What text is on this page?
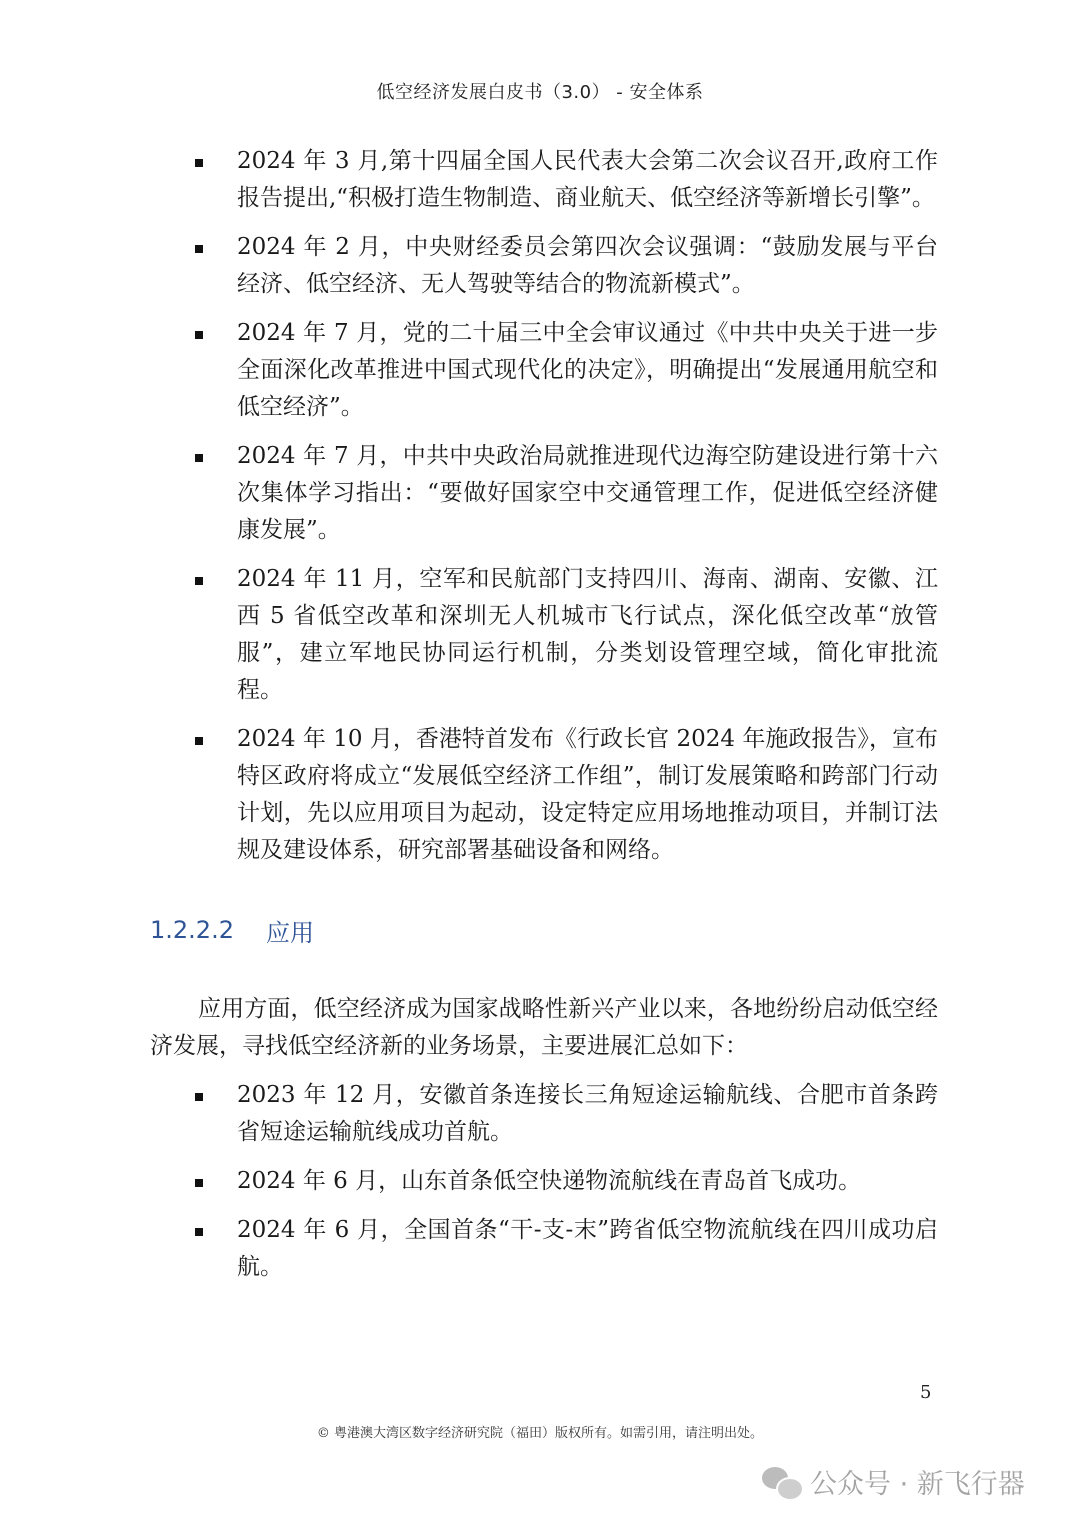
低空经济发展白皮书（3.0） - 安全体系
2024 年 3 月,第十四届全国人民代表大会第二次会议召开,政府工作报告提出,“积极打造生物制造、商业航天、低空经济等新增长引擎”。
2024 年 2 月，中央财经委员会第四次会议强调：“鼓励发展与平台经济、低空经济、无人驾驶等结合的物流新模式”。
2024 年 7 月，党的二十届三中全会审议通过《中共中央关于进一步全面深化改革推进中国式现代化的决定》，明确提出“发展通用航空和低空经济”。
2024 年 7 月，中共中央政治局就推进现代边海空防建设进行第十六次集体学习指出：“要做好国家空中交通管理工作，促进低空经济健康发展”。
2024 年 11 月，空军和民航部门支持四川、海南、湖南、安徽、江西 5 省低空改革和深圳无人机城市飞行试点，深化低空改革“放管服”，建立军地民协同运行机制，分类划设管理空域，简化审批流程。
2024 年 10 月，香港特首发布《行政长官 2024 年施政报告》，宣布特区政府将成立“发展低空经济工作组”，制订发展策略和跨部门行动计划，先以应用项目为起动，设定特定应用场地推动项目，并制订法规及建设体系，研究部署基础设备和网络。
1.2.2.2	应用

应用方面，低空经济成为国家战略性新兴产业以来，各地纷纷启动低空经济发展，寻找低空经济新的业务场景，主要进展汇总如下：

2023 年 12 月，安徽首条连接长三角短途运输航线、合肥市首条跨省短途运输航线成功首航。
2024 年 6 月，山东首条低空快递物流航线在青岛首飞成功。
2024 年 6 月，全国首条“干-支-末”跨省低空物流航线在四川成功启航。
5
© 粤港澳大湾区数字经济研究院（福田）版权所有。如需引用，请注明出处。
公众号 · 新飞行器
